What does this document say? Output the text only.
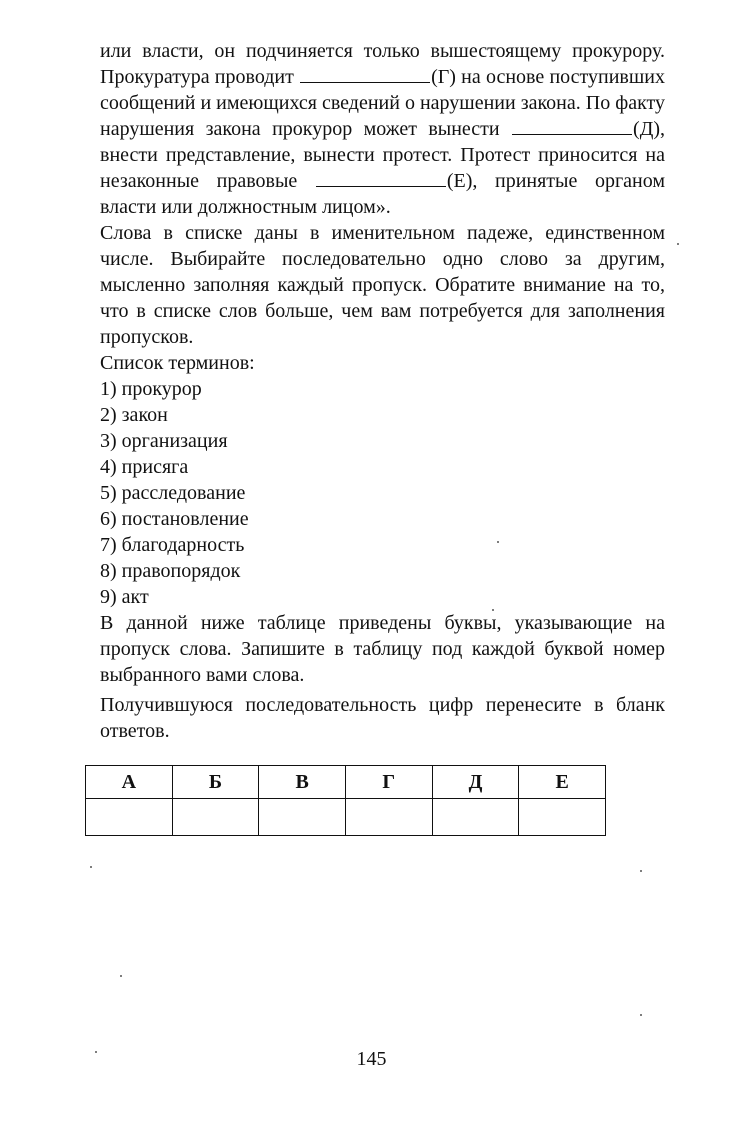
или власти, он подчиняется только вышестоящему прокурору. Прокуратура проводит	(Г) на основе поступивших сообщений и имеющихся сведений о нарушении закона. По факту нарушения закона прокурор может вынести	(Д), внести представление, вынести протест. Протест приносится на незаконные правовые	(Е), принятые органом власти или должностным лицом».

Слова в списке даны в именительном падеже, единственном числе. Выбирайте последовательно одно слово за другим, мысленно заполняя каждый пропуск. Обратите внимание на то, что в списке слов больше, чем вам потребуется для заполнения пропусков.

Список терминов:

1) прокурор
2) закон
3) организация
4) присяга
5) расследование
6) постановление
7) благодарность
8) правопорядок
9) акт

В данной ниже таблице приведены буквы, указывающие на пропуск слова. Запишите в таблицу под каждой буквой номер выбранного вами слова.

Получившуюся последовательность цифр перенесите в бланк ответов.

А	Б	В	Г	Д	Е

145
